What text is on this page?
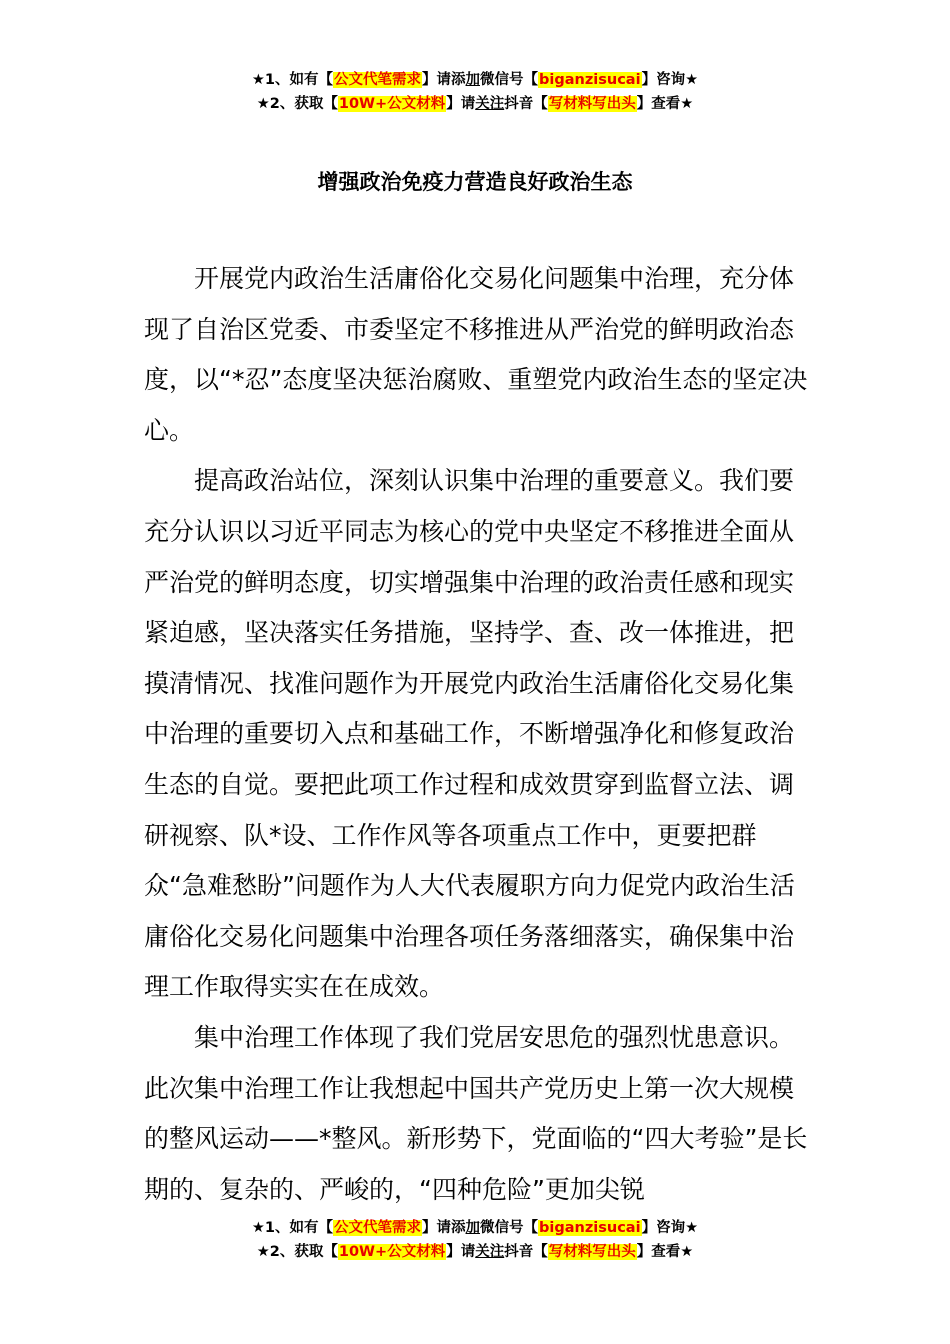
★1、如有【公文代笔需求】请添加微信号【biganzisucai】咨询★
★2、获取【10W+公文材料】请关注抖音【写材料写出头】查看★
增强政治免疫力营造良好政治生态

开展党内政治生活庸俗化交易化问题集中治理，充分体现了自治区党委、市委坚定不移推进从严治党的鲜明政治态度，以“*忍”态度坚决惩治腐败、重塑党内政治生态的坚定决心。

提高政治站位，深刻认识集中治理的重要意义。我们要充分认识以习近平同志为核心的党中央坚定不移推进全面从严治党的鲜明态度，切实增强集中治理的政治责任感和现实紧迫感，坚决落实任务措施，坚持学、查、改一体推进，把摸清情况、找准问题作为开展党内政治生活庸俗化交易化集中治理的重要切入点和基础工作，不断增强净化和修复政治生态的自觉。要把此项工作过程和成效贯穿到监督立法、调研视察、队*设、工作作风等各项重点工作中，更要把群众“急难愁盼”问题作为人大代表履职方向力促党内政治生活庸俗化交易化问题集中治理各项任务落细落实，确保集中治理工作取得实实在在成效。

集中治理工作体现了我们党居安思危的强烈忧患意识。此次集中治理工作让我想起中国共产党历史上第一次大规模的整风运动——*整风。新形势下，党面临的“四大考验”是长期的、复杂的、严峻的，“四种危险”更加尖锐

★1、如有【公文代笔需求】请添加微信号【biganzisucai】咨询★
★2、获取【10W+公文材料】请关注抖音【写材料写出头】查看★
